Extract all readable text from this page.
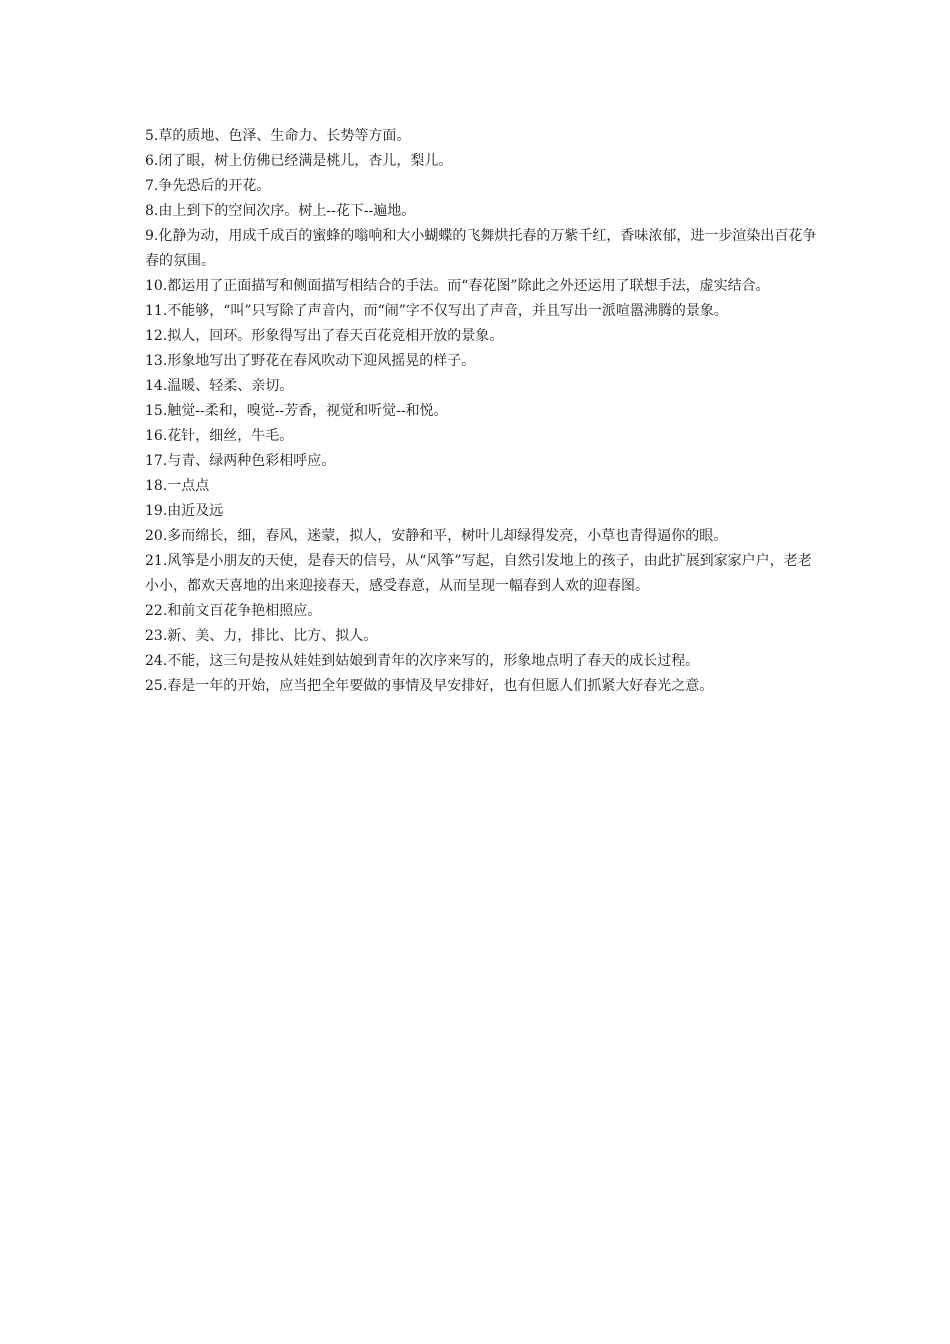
5.草的质地、色泽、生命力、长势等方面。

6.闭了眼，树上仿佛已经满是桃儿，杏儿，梨儿。

7.争先恐后的开花。

8.由上到下的空间次序。树上--花下--遍地。

9.化静为动，用成千成百的蜜蜂的嗡响和大小蝴蝶的飞舞烘托春的万紫千红，香味浓郁，进一步渲染出百花争春的氛围。

10.都运用了正面描写和侧面描写相结合的手法。而“春花图”除此之外还运用了联想手法，虚实结合。

11.不能够，“叫”只写除了声音内，而“闹”字不仅写出了声音，并且写出一派喧嚣沸腾的景象。

12.拟人，回环。形象得写出了春天百花竞相开放的景象。

13.形象地写出了野花在春风吹动下迎风摇晃的样子。

14.温暖、轻柔、亲切。

15.触觉--柔和，嗅觉--芳香，视觉和听觉--和悦。

16.花针，细丝，牛毛。

17.与青、绿两种色彩相呼应。

18.一点点

19.由近及远

20.多而绵长，细，春风，迷蒙，拟人，安静和平，树叶儿却绿得发亮，小草也青得逼你的眼。

21.风筝是小朋友的天使，是春天的信号，从“风筝”写起，自然引发地上的孩子，由此扩展到家家户户，老老小小，都欢天喜地的出来迎接春天，感受春意，从而呈现一幅春到人欢的迎春图。

22.和前文百花争艳相照应。

23.新、美、力，排比、比方、拟人。

24.不能，这三句是按从娃娃到姑娘到青年的次序来写的，形象地点明了春天的成长过程。

25.春是一年的开始，应当把全年要做的事情及早安排好，也有但愿人们抓紧大好春光之意。
